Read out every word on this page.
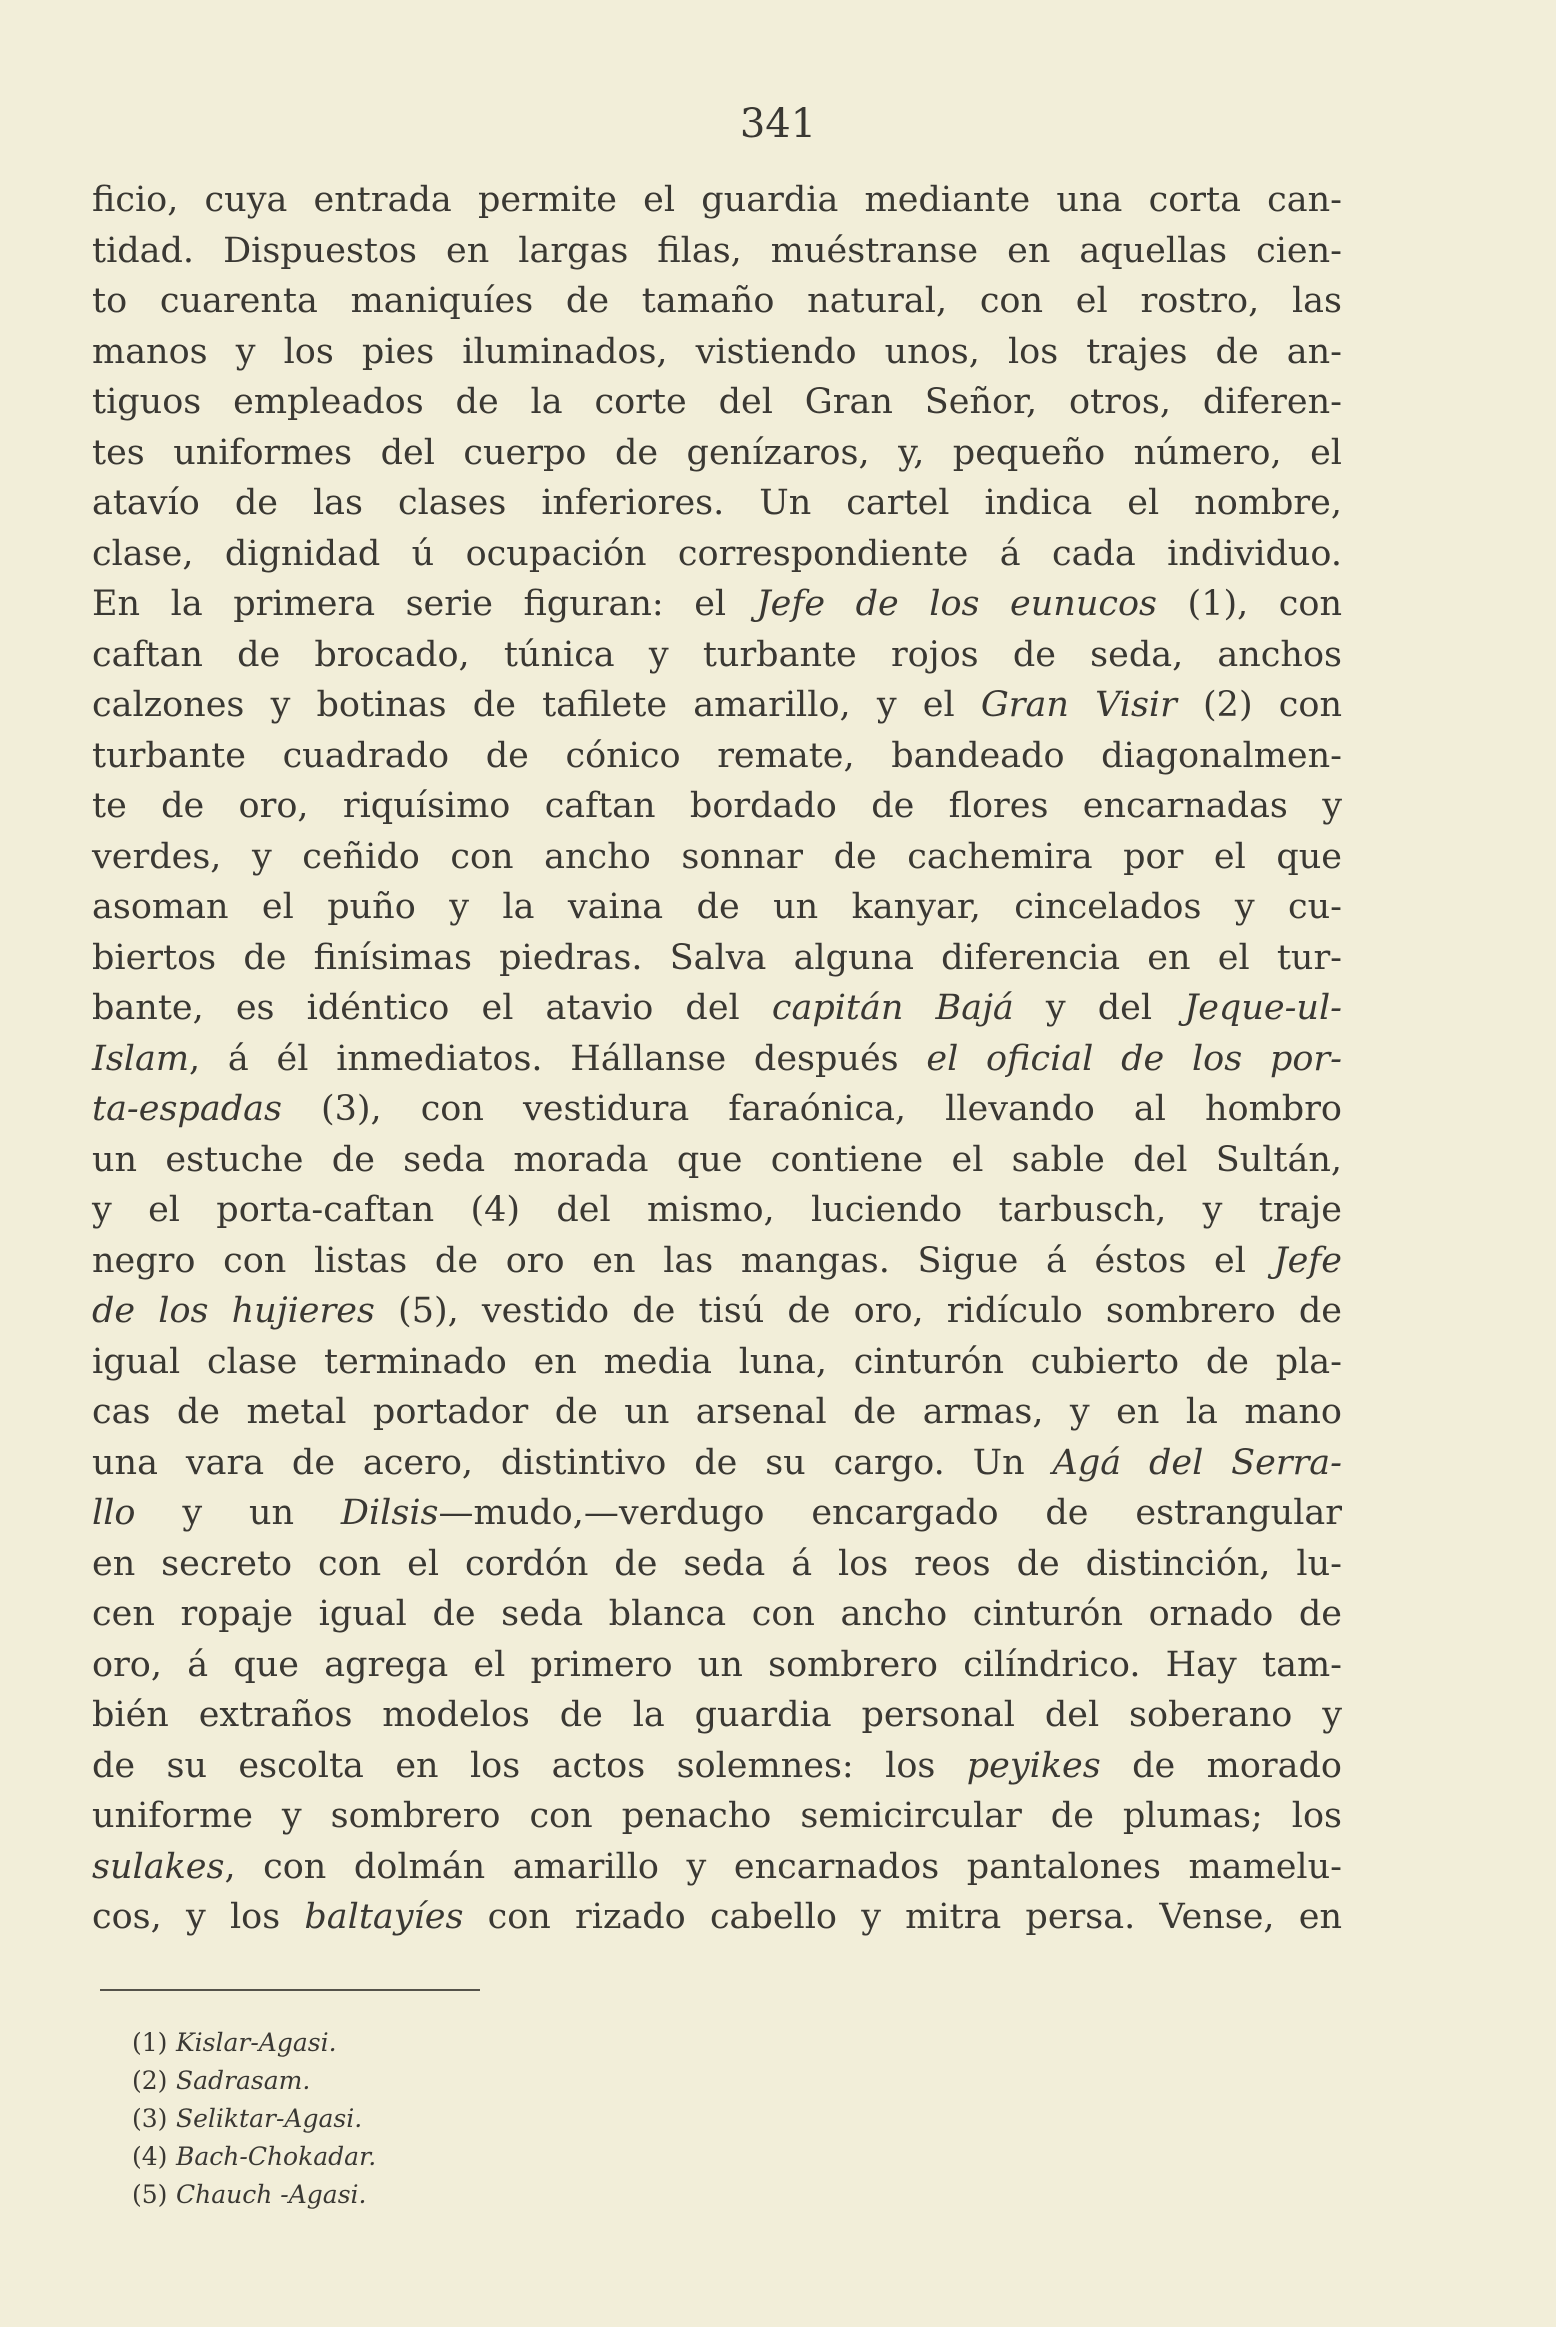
341
ficio, cuya entrada permite el guardia mediante una corta can-
tidad. Dispuestos en largas filas, muéstranse en aquellas cien-
to cuarenta maniquíes de tamaño natural, con el rostro, las
manos y los pies iluminados, vistiendo unos, los trajes de an-
tiguos empleados de la corte del Gran Señor, otros, diferen-
tes uniformes del cuerpo de genízaros, y, pequeño número, el
atavío de las clases inferiores. Un cartel indica el nombre,
clase, dignidad ú ocupación correspondiente á cada individuo.
En la primera serie figuran: el Jefe de los eunucos (1), con
caftan de brocado, túnica y turbante rojos de seda, anchos
calzones y botinas de tafilete amarillo, y el Gran Visir (2) con
turbante cuadrado de cónico remate, bandeado diagonalmen-
te de oro, riquísimo caftan bordado de flores encarnadas y
verdes, y ceñido con ancho sonnar de cachemira por el que
asoman el puño y la vaina de un kanyar, cincelados y cu-
biertos de finísimas piedras. Salva alguna diferencia en el tur-
bante, es idéntico el atavio del capitán Bajá y del Jeque-ul-
Islam, á él inmediatos. Hállanse después el oficial de los por-
ta-espadas (3), con vestidura faraónica, llevando al hombro
un estuche de seda morada que contiene el sable del Sultán,
y el porta-caftan (4) del mismo, luciendo tarbusch, y traje
negro con listas de oro en las mangas. Sigue á éstos el Jefe
de los hujieres (5), vestido de tisú de oro, ridículo sombrero de
igual clase terminado en media luna, cinturón cubierto de pla-
cas de metal portador de un arsenal de armas, y en la mano
una vara de acero, distintivo de su cargo. Un Agá del Serra-
llo y un Dilsis—mudo,—verdugo encargado de estrangular
en secreto con el cordón de seda á los reos de distinción, lu-
cen ropaje igual de seda blanca con ancho cinturón ornado de
oro, á que agrega el primero un sombrero cilíndrico. Hay tam-
bién extraños modelos de la guardia personal del soberano y
de su escolta en los actos solemnes: los peyikes de morado
uniforme y sombrero con penacho semicircular de plumas; los
sulakes, con dolmán amarillo y encarnados pantalones mamelu-
cos, y los baltayíes con rizado cabello y mitra persa. Vense, en
(1) Kislar-Agasi.
(2) Sadrasam.
(3) Seliktar-Agasi.
(4) Bach-Chokadar.
(5) Chauch -Agasi.
